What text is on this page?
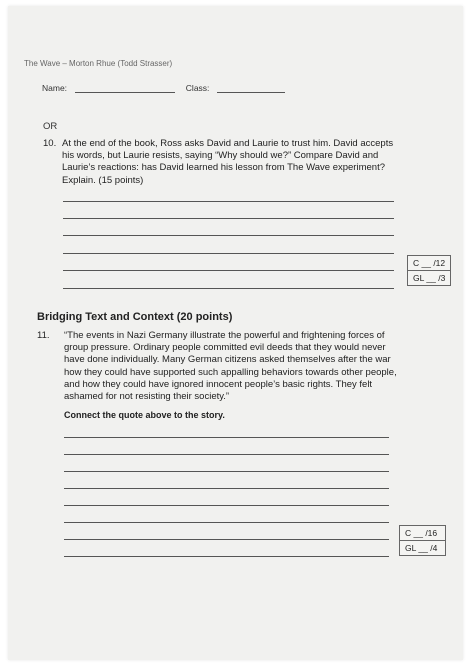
The Wave – Morton Rhue (Todd Strasser)
Name:	Class:
OR
10. At the end of the book, Ross asks David and Laurie to trust him. David accepts
his words, but Laurie resists, saying “Why should we?” Compare David and
Laurie’s reactions: has David learned his lesson from The Wave experiment?
Explain. (15 points)
C __ /12
GL __ /3
Bridging Text and Context (20 points)
11. “The events in Nazi Germany illustrate the powerful and frightening forces of
group pressure. Ordinary people committed evil deeds that they would never
have done individually. Many German citizens asked themselves after the war
how they could have supported such appalling behaviors towards other people,
and how they could have ignored innocent people’s basic rights. They felt
ashamed for not resisting their society.”
Connect the quote above to the story.
C __ /16
GL __ /4
